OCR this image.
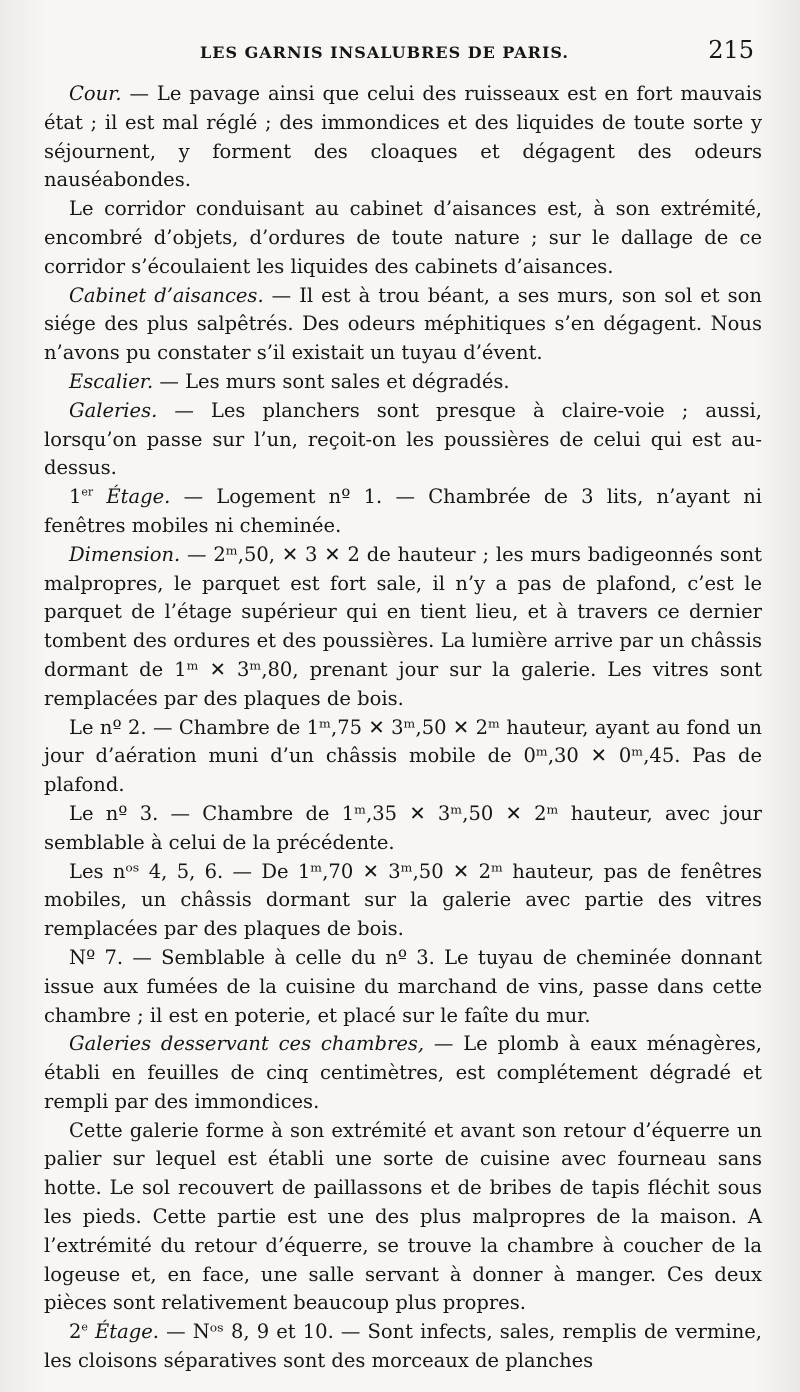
LES GARNIS INSALUBRES DE PARIS.	215

Cour. — Le pavage ainsi que celui des ruisseaux est en fort mauvais état ; il est mal réglé ; des immondices et des liquides de toute sorte y séjournent, y forment des cloaques et dégagent des odeurs nauséabondes.

Le corridor conduisant au cabinet d’aisances est, à son extrémité, encombré d’objets, d’ordures de toute nature ; sur le dallage de ce corridor s’écoulaient les liquides des cabinets d’aisances.

Cabinet d’aisances. — Il est à trou béant, a ses murs, son sol et son siége des plus salpêtrés. Des odeurs méphitiques s’en dégagent. Nous n’avons pu constater s’il existait un tuyau d’évent.

Escalier. — Les murs sont sales et dégradés.

Galeries. — Les planchers sont presque à claire-voie ; aussi, lorsqu’on passe sur l’un, reçoit-on les poussières de celui qui est au-dessus.

1er Étage. — Logement nº 1. — Chambrée de 3 lits, n’ayant ni fenêtres mobiles ni cheminée.

Dimension. — 2ᵐ,50, ✕ 3 ✕ 2 de hauteur ; les murs badigeonnés sont malpropres, le parquet est fort sale, il n’y a pas de plafond, c’est le parquet de l’étage supérieur qui en tient lieu, et à travers ce dernier tombent des ordures et des poussières. La lumière arrive par un châssis dormant de 1ᵐ ✕ 3ᵐ,80, prenant jour sur la galerie. Les vitres sont remplacées par des plaques de bois.

Le nº 2. — Chambre de 1ᵐ,75 ✕ 3ᵐ,50 ✕ 2ᵐ hauteur, ayant au fond un jour d’aération muni d’un châssis mobile de 0ᵐ,30 ✕ 0ᵐ,45. Pas de plafond.

Le nº 3. — Chambre de 1ᵐ,35 ✕ 3ᵐ,50 ✕ 2ᵐ hauteur, avec jour semblable à celui de la précédente.

Les nᵒˢ 4, 5, 6. — De 1ᵐ,70 ✕ 3ᵐ,50 ✕ 2ᵐ hauteur, pas de fenêtres mobiles, un châssis dormant sur la galerie avec partie des vitres remplacées par des plaques de bois.

Nº 7. — Semblable à celle du nº 3. Le tuyau de cheminée donnant issue aux fumées de la cuisine du marchand de vins, passe dans cette chambre ; il est en poterie, et placé sur le faîte du mur.

Galeries desservant ces chambres, — Le plomb à eaux ménagères, établi en feuilles de cinq centimètres, est complétement dégradé et rempli par des immondices.

Cette galerie forme à son extrémité et avant son retour d’équerre un palier sur lequel est établi une sorte de cuisine avec fourneau sans hotte. Le sol recouvert de paillassons et de bribes de tapis fléchit sous les pieds. Cette partie est une des plus malpropres de la maison. A l’extrémité du retour d’équerre, se trouve la chambre à coucher de la logeuse et, en face, une salle servant à donner à manger. Ces deux pièces sont relativement beaucoup plus propres.

2e Étage. — Nᵒˢ 8, 9 et 10. — Sont infects, sales, remplis de vermine, les cloisons séparatives sont des morceaux de planches
